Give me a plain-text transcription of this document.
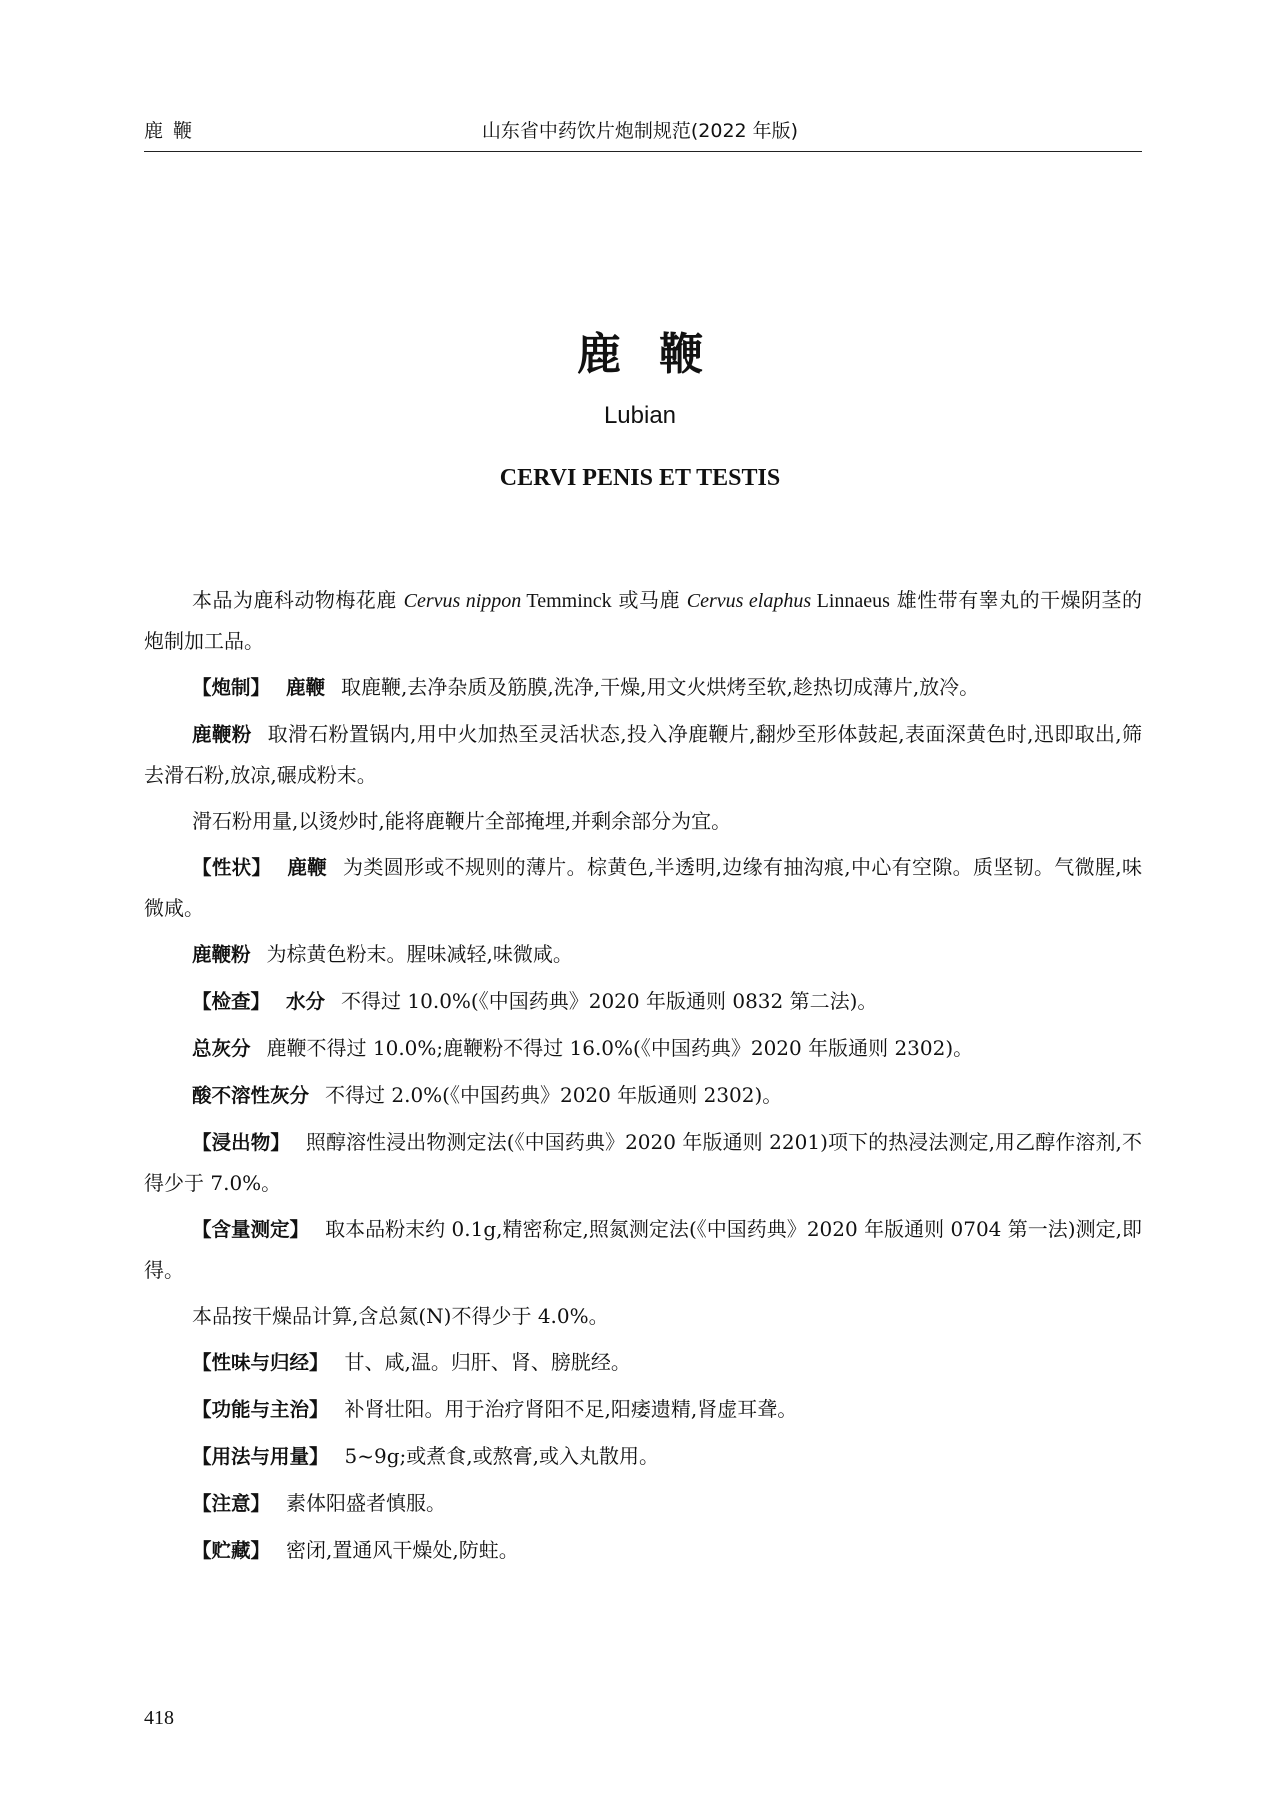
鹿鞭	山东省中药饮片炮制规范(2022 年版)
鹿鞭
Lubian
CERVI PENIS ET TESTIS

本品为鹿科动物梅花鹿 Cervus nippon Temminck 或马鹿 Cervus elaphus Linnaeus 雄性带有睾丸的干燥阴茎的炮制加工品。

【炮制】 鹿鞭 取鹿鞭,去净杂质及筋膜,洗净,干燥,用文火烘烤至软,趁热切成薄片,放冷。

鹿鞭粉 取滑石粉置锅内,用中火加热至灵活状态,投入净鹿鞭片,翻炒至形体鼓起,表面深黄色时,迅即取出,筛去滑石粉,放凉,碾成粉末。

滑石粉用量,以烫炒时,能将鹿鞭片全部掩埋,并剩余部分为宜。

【性状】 鹿鞭 为类圆形或不规则的薄片。棕黄色,半透明,边缘有抽沟痕,中心有空隙。质坚韧。气微腥,味微咸。

鹿鞭粉 为棕黄色粉末。腥味减轻,味微咸。

【检查】 水分 不得过 10.0%(《中国药典》2020 年版通则 0832 第二法)。

总灰分 鹿鞭不得过 10.0%;鹿鞭粉不得过 16.0%(《中国药典》2020 年版通则 2302)。

酸不溶性灰分 不得过 2.0%(《中国药典》2020 年版通则 2302)。

【浸出物】 照醇溶性浸出物测定法(《中国药典》2020 年版通则 2201)项下的热浸法测定,用乙醇作溶剂,不得少于 7.0%。

【含量测定】 取本品粉末约 0.1g,精密称定,照氮测定法(《中国药典》2020 年版通则 0704 第一法)测定,即得。

本品按干燥品计算,含总氮(N)不得少于 4.0%。

【性味与归经】 甘、咸,温。归肝、肾、膀胱经。

【功能与主治】 补肾壮阳。用于治疗肾阳不足,阳痿遗精,肾虚耳聋。

【用法与用量】 5~9g;或煮食,或熬膏,或入丸散用。

【注意】 素体阳盛者慎服。

【贮藏】 密闭,置通风干燥处,防蛀。

418
